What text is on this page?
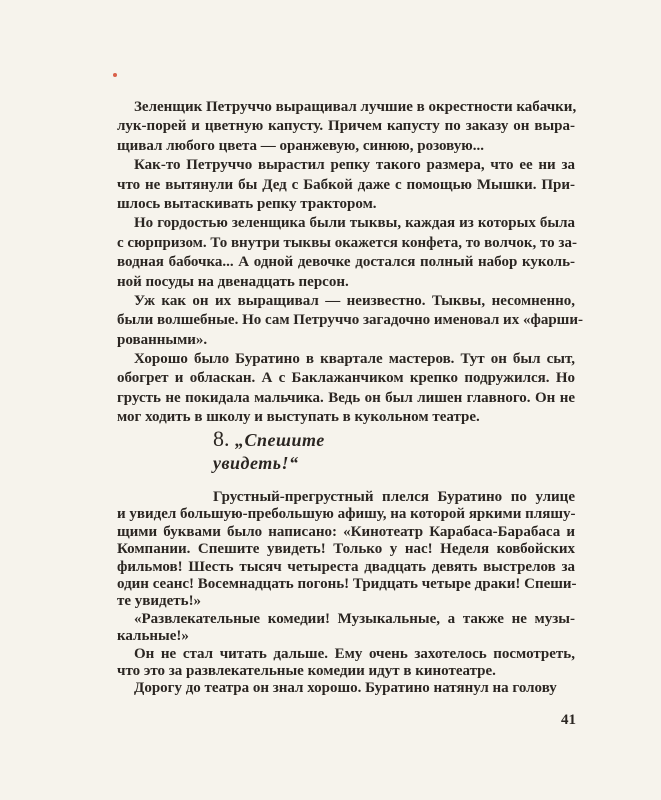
Зеленщик Петруччо выращивал лучшие в окрестности кабачки,
лук-порей и цветную капусту. Причем капусту по заказу он выра-
щивал любого цвета — оранжевую, синюю, розовую...
Как-то Петруччо вырастил репку такого размера, что ее ни за
что не вытянули бы Дед с Бабкой даже с помощью Мышки. При-
шлось вытаскивать репку трактором.
Но гордостью зеленщика были тыквы, каждая из которых была
с сюрпризом. То внутри тыквы окажется конфета, то волчок, то за-
водная бабочка... А одной девочке достался полный набор куколь-
ной посуды на двенадцать персон.
Уж как он их выращивал — неизвестно. Тыквы, несомненно,
были волшебные. Но сам Петруччо загадочно именовал их «фарши-
рованными».
Хорошо было Буратино в квартале мастеров. Тут он был сыт,
обогрет и обласкан. А с Баклажанчиком крепко подружился. Но
грусть не покидала мальчика. Ведь он был лишен главного. Он не
мог ходить в школу и выступать в кукольном театре.
8. „Спешите
увидеть!“
Грустный-прегрустный плелся Буратино по улице
и увидел большую-пребольшую афишу, на которой яркими пляшу-
щими буквами было написано: «Кинотеатр Карабаса-Барабаса и
Компании. Спешите увидеть! Только у нас! Неделя ковбойских
фильмов! Шесть тысяч четыреста двадцать девять выстрелов за
один сеанс! Восемнадцать погонь! Тридцать четыре драки! Спеши-
те увидеть!»
«Развлекательные комедии! Музыкальные, а также не музы-
кальные!»
Он не стал читать дальше. Ему очень захотелось посмотреть,
что это за развлекательные комедии идут в кинотеатре.
Дорогу до театра он знал хорошо. Буратино натянул на голову
41
